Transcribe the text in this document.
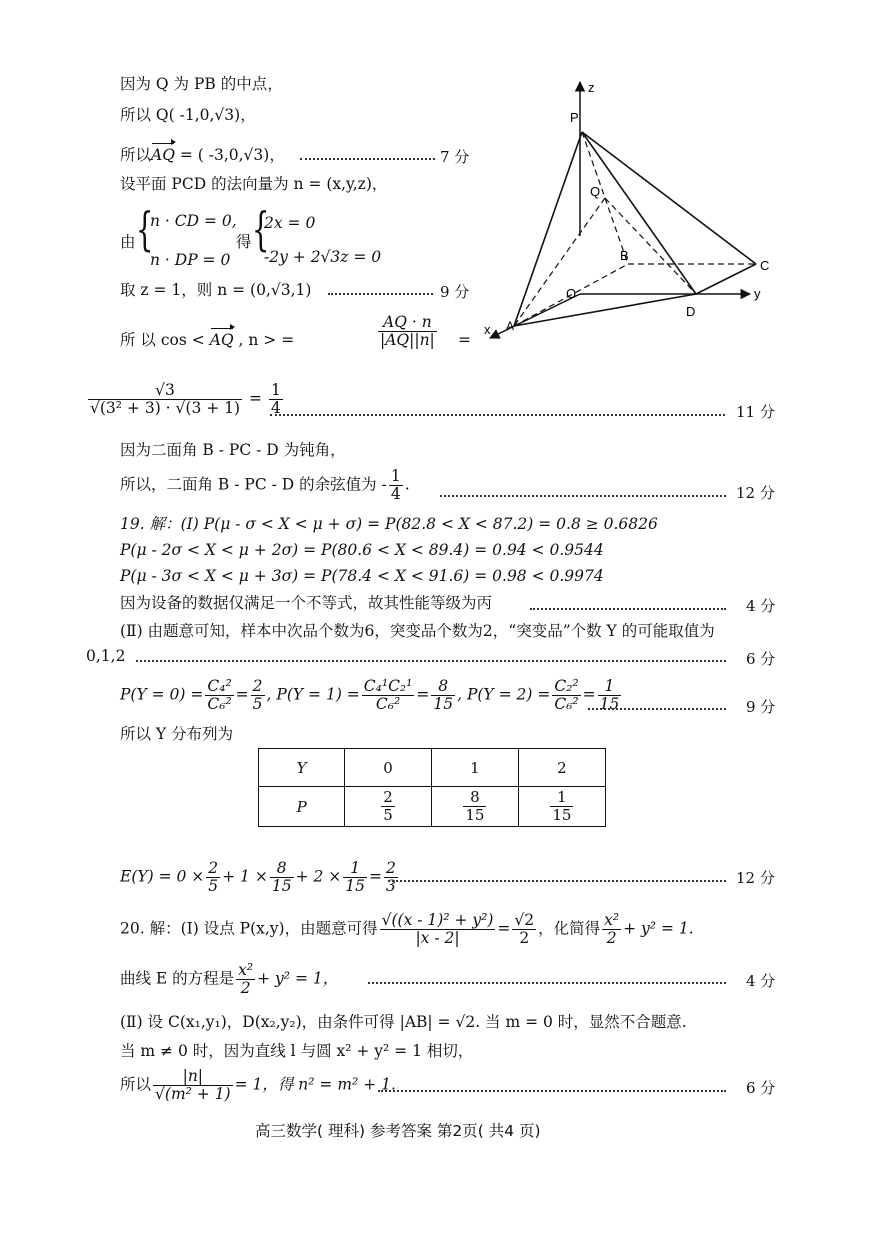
因为 Q 为 PB 的中点，
所以 Q( -1,0,√3)，
所以AQ = ( -3,0,√3)，	7 分
设平面 PCD 的法向量为 n = (x,y,z)，
由 {
n · CD = 0,
n · DP = 0
得 {
2x = 0
-2y + 2√3z = 0
取 z = 1，则 n = (0,√3,1)	9 分
所 以 cos < AQ , n > =	$\frac{AQ \cdot n}{|AQ||n|}$ =
$\frac{√3}{\text{√(3² + 3) · √(3 + 1)}} = \frac{1}{4}$	11 分
因为二面角 B - PC - D 为钝角，
所以，二面角 B - PC - D 的余弦值为 - $\frac{1}{4}$ .	12 分
19. 解：(Ⅰ) P(μ - σ < X < μ + σ) = P(82.8 < X < 87.2) = 0.8 ≥ 0.6826
P(μ - 2σ < X < μ + 2σ) = P(80.6 < X < 89.4) = 0.94 < 0.9544
P(μ - 3σ < X < μ + 3σ) = P(78.4 < X < 91.6) = 0.98 < 0.9974
因为设备的数据仅满足一个不等式，故其性能等级为丙	4 分
(Ⅱ) 由题意可知，样本中次品个数为6，突变品个数为2，“突变品”个数 Y 的可能取值为
0,1,2	6 分
$P(Y = 0) = \frac{\text{C₄²}}{\text{C₆²}} = \frac{2}{5}$ , $P(Y = 1) = \frac{\text{C₄¹C₂¹}}{\text{C₆²}} = \frac{8}{15}$ , $P(Y = 2) = \frac{\text{C₂²}}{\text{C₆²}} = \frac{1}{15}$	9 分
所以 Y 分布列为
Y	0	1	2
P	$\frac{2}{5}$	$\frac{8}{15}$	$\frac{1}{15}$
$E(Y) = 0 \times \frac{2}{5} + 1 \times \frac{8}{15} + 2 \times \frac{1}{15} = \frac{2}{3}$	12 分
20. 解：(Ⅰ) 设点 P(x,y)，由题意可得 $\frac{\text{√((x - 1)² + y²)}}{|x - 2|} = \frac{√2}{2}$ ，化简得 $\frac{\text{x²}}{2} + y^2 = 1$.
曲线 E 的方程是 $\frac{\text{x²}}{2} + y^2 = 1$，	4 分
(Ⅱ) 设 C(x₁,y₁)，D(x₂,y₂)，由条件可得 |AB| = √2. 当 m = 0 时，显然不合题意.
当 m ≠ 0 时，因为直线 l 与圆 x² + y² = 1 相切，
所以 $\frac{|n|}{\text{√(m² + 1)}} = 1$，得 n² = m² + 1.	6 分
高三数学( 理科) 参考答案 第2页( 共4 页)
z
P
Q
B
C
O
D
x A
y
